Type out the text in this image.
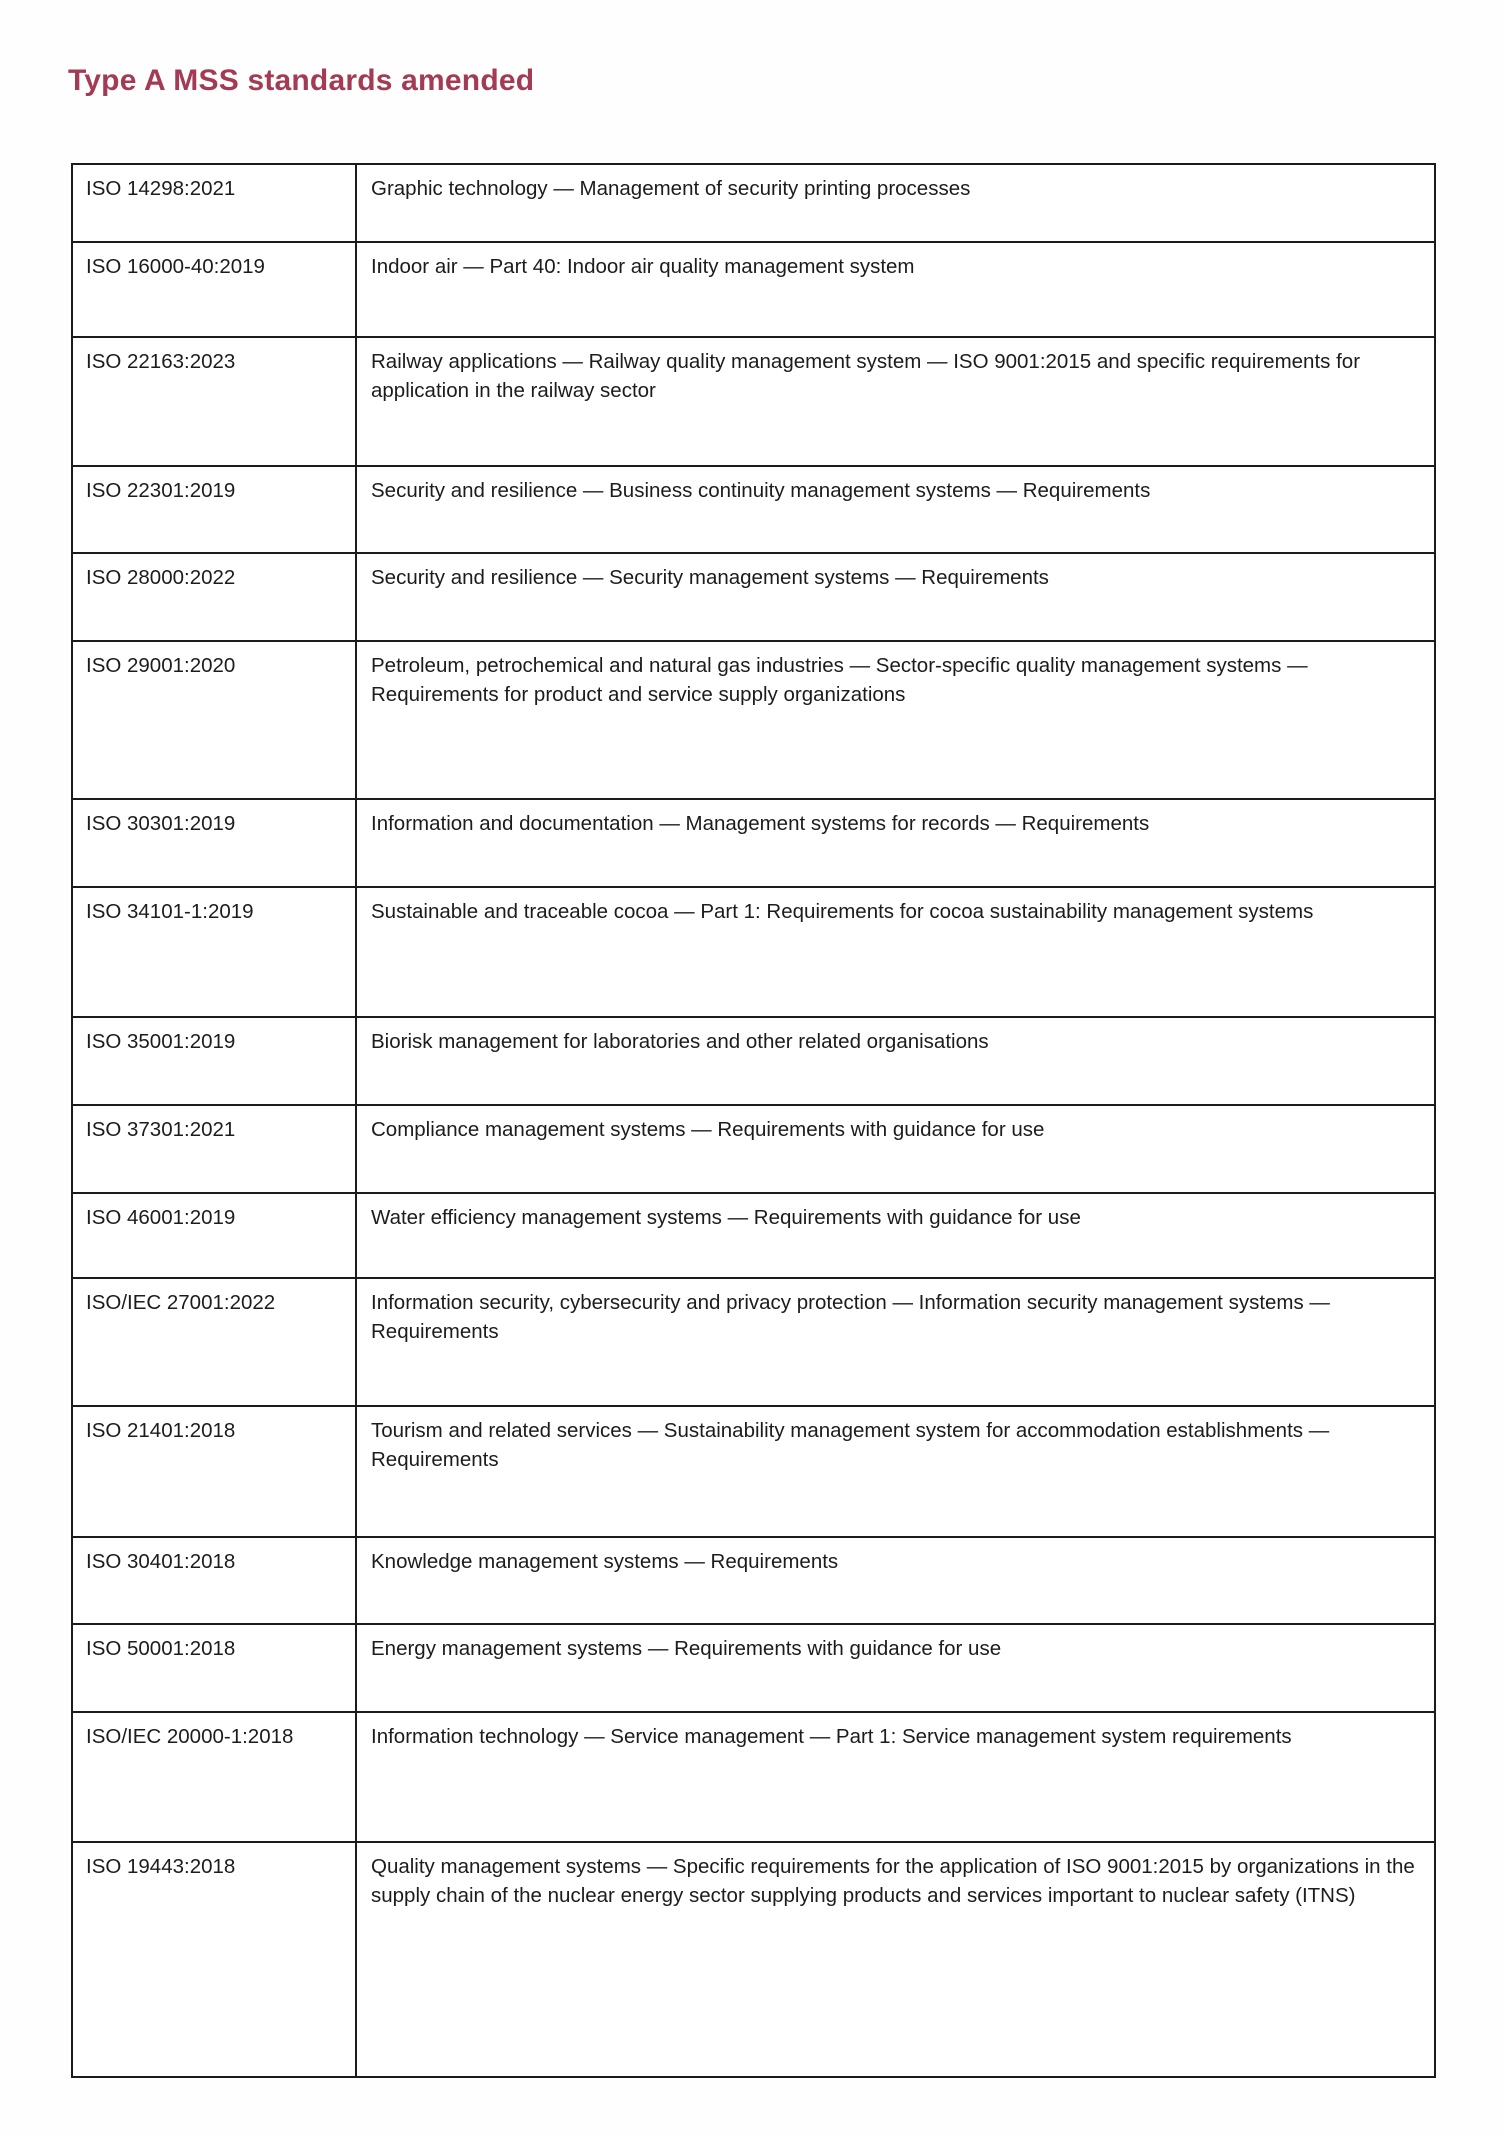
Type A MSS standards amended
ISO 14298:2021	Graphic technology — Management of security printing processes

ISO 16000-40:2019	Indoor air — Part 40: Indoor air quality management system

ISO 22163:2023	Railway applications — Railway quality management system — ISO 9001:2015 and specific requirements for application in the railway sector

ISO 22301:2019	Security and resilience — Business continuity management systems — Requirements

ISO 28000:2022	Security and resilience — Security management systems — Requirements

ISO 29001:2020	Petroleum, petrochemical and natural gas industries — Sector-specific quality management systems — Requirements for product and service supply organizations

ISO 30301:2019	Information and documentation — Management systems for records — Requirements

ISO 34101-1:2019	Sustainable and traceable cocoa — Part 1: Requirements for cocoa sustainability management systems

ISO 35001:2019	Biorisk management for laboratories and other related organisations

ISO 37301:2021	Compliance management systems — Requirements with guidance for use

ISO 46001:2019	Water efficiency management systems — Requirements with guidance for use

ISO/IEC 27001:2022	Information security, cybersecurity and privacy protection — Information security management systems — Requirements

ISO 21401:2018	Tourism and related services — Sustainability management system for accommodation establishments — Requirements

ISO 30401:2018	Knowledge management systems — Requirements

ISO 50001:2018	Energy management systems — Requirements with guidance for use

ISO/IEC 20000-1:2018	Information technology — Service management — Part 1: Service management system requirements

ISO 19443:2018	Quality management systems — Specific requirements for the application of ISO 9001:2015 by organizations in the supply chain of the nuclear energy sector supplying products and services important to nuclear safety (ITNS)
